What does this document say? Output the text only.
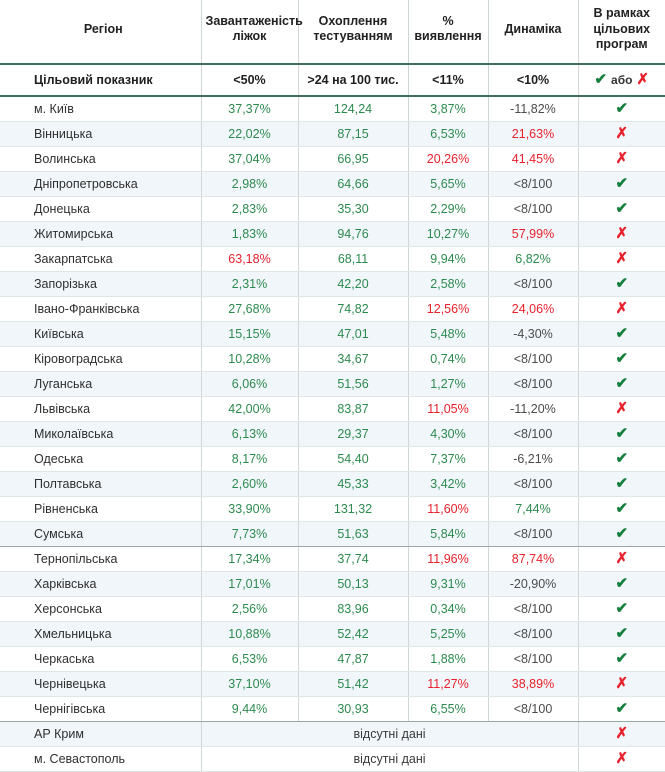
Регіон	Завантаженість ліжок	Охоплення тестуванням	% виявлення	Динаміка	В рамках цільових програм
Цільовий показник	<50%	>24 на 100 тис.	<11%	<10%	✔ або ✗
м. Київ	37,37%	124,24	3,87%	-11,82%	✔
Вінницька	22,02%	87,15	6,53%	21,63%	✗
Волинська	37,04%	66,95	20,26%	41,45%	✗
Дніпропетровська	2,98%	64,66	5,65%	<8/100	✔
Донецька	2,83%	35,30	2,29%	<8/100	✔
Житомирська	1,83%	94,76	10,27%	57,99%	✗
Закарпатська	63,18%	68,11	9,94%	6,82%	✗
Запорізька	2,31%	42,20	2,58%	<8/100	✔
Івано-Франківська	27,68%	74,82	12,56%	24,06%	✗
Київська	15,15%	47,01	5,48%	-4,30%	✔
Кіровоградська	10,28%	34,67	0,74%	<8/100	✔
Луганська	6,06%	51,56	1,27%	<8/100	✔
Львівська	42,00%	83,87	11,05%	-11,20%	✗
Миколаївська	6,13%	29,37	4,30%	<8/100	✔
Одеська	8,17%	54,40	7,37%	-6,21%	✔
Полтавська	2,60%	45,33	3,42%	<8/100	✔
Рівненська	33,90%	131,32	11,60%	7,44%	✔
Сумська	7,73%	51,63	5,84%	<8/100	✔
Тернопільська	17,34%	37,74	11,96%	87,74%	✗
Харківська	17,01%	50,13	9,31%	-20,90%	✔
Херсонська	2,56%	83,96	0,34%	<8/100	✔
Хмельницька	10,88%	52,42	5,25%	<8/100	✔
Черкаська	6,53%	47,87	1,88%	<8/100	✔
Чернівецька	37,10%	51,42	11,27%	38,89%	✗
Чернігівська	9,44%	30,93	6,55%	<8/100	✔
АР Крим	відсутні дані				✗
м. Севастополь	відсутні дані				✗
